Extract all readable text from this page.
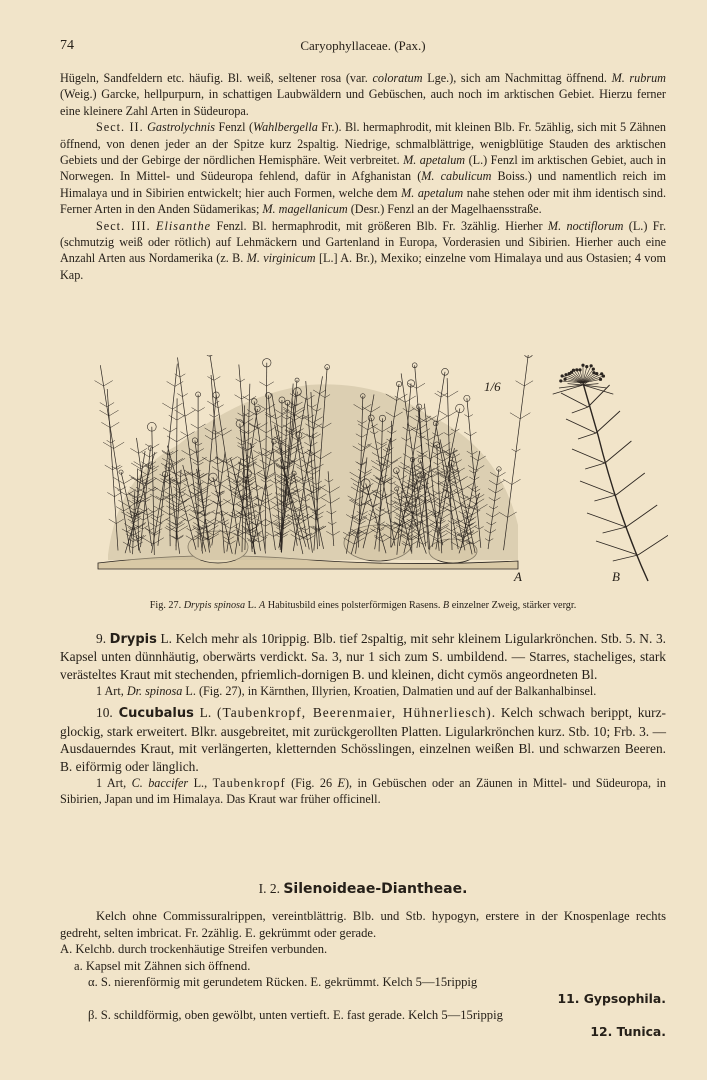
74	Caryophyllaceae. (Pax.)

Hügeln, Sandfeldern etc. häufig. Bl. weiß, seltener rosa (var. coloratum Lge.), sich am Nachmittag öffnend. M. rubrum (Weig.) Garcke, hellpurpurn, in schattigen Laubwäldern und Gebüschen, auch noch im arktischen Gebiet. Hierzu ferner eine kleinere Zahl Arten in Südeuropa.

Sect. II. Gastrolychnis Fenzl (Wahlbergella Fr.). Bl. hermaphrodit, mit kleinen Blb. Fr. 5zählig, sich mit 5 Zähnen öffnend, von denen jeder an der Spitze kurz 2spaltig. Niedrige, schmalblättrige, wenigblütige Stauden des arktischen Gebiets und der Gebirge der nördlichen Hemisphäre. Weit verbreitet. M. apetalum (L.) Fenzl im arktischen Gebiet, auch in Norwegen. In Mittel- und Südeuropa fehlend, dafür in Afghanistan (M. cabulicum Boiss.) und namentlich reich im Himalaya und in Sibirien entwickelt; hier auch Formen, welche dem M. apetalum nahe stehen oder mit ihm identisch sind. Ferner Arten in den Anden Südamerikas; M. magellanicum (Desr.) Fenzl an der Magelhaensstraße.

Sect. III. Elisanthe Fenzl. Bl. hermaphrodit, mit größeren Blb. Fr. 3zählig. Hierher M. noctiflorum (L.) Fr. (schmutzig weiß oder rötlich) auf Lehmäckern und Gartenland in Europa, Vorderasien und Sibirien. Hierher auch eine Anzahl Arten aus Nordamerika (z. B. M. virginicum [L.] A. Br.), Mexiko; einzelne vom Himalaya und aus Ostasien; 4 vom Kap.

1/6
A	B
Fig. 27. Drypis spinosa L. A Habitusbild eines polsterförmigen Rasens. B einzelner Zweig, stärker vergr.

9. Drypis L. Kelch mehr als 10rippig. Blb. tief 2spaltig, mit sehr kleinem Ligularkrönchen. Stb. 5. N. 3. Kapsel unten dünnhäutig, oberwärts verdickt. Sa. 3, nur 1 sich zum S. umbildend. — Starres, stacheliges, stark verästeltes Kraut mit stechenden, pfriemlich-dornigen B. und kleinen, dicht cymös angeordneten Bl.

1 Art, Dr. spinosa L. (Fig. 27), in Kärnthen, Illyrien, Kroatien, Dalmatien und auf der Balkanhalbinsel.

10. Cucubalus L. (Taubenkropf, Beerenmaier, Hühnerliesch). Kelch schwach berippt, kurz-glockig, stark erweitert. Blkr. ausgebreitet, mit zurückgerollten Platten. Ligularkrönchen kurz. Stb. 10; Frb. 3. — Ausdauerndes Kraut, mit verlängerten, kletternden Schösslingen, einzelnen weißen Bl. und schwarzen Beeren. B. eiförmig oder länglich.

1 Art, C. baccifer L., Taubenkropf (Fig. 26 E), in Gebüschen oder an Zäunen in Mittel- und Südeuropa, in Sibirien, Japan und im Himalaya. Das Kraut war früher officinell.

I. 2. Silenoideae-Diantheae.

Kelch ohne Commissuralrippen, vereintblättrig. Blb. und Stb. hypogyn, erstere in der Knospenlage rechts gedreht, selten imbricat. Fr. 2zählig. E. gekrümmt oder gerade.

A. Kelchb. durch trockenhäutige Streifen verbunden.

a. Kapsel mit Zähnen sich öffnend.

α. S. nierenförmig mit gerundetem Rücken. E. gekrümmt. Kelch 5—15rippig

11. Gypsophila.

β. S. schildförmig, oben gewölbt, unten vertieft. E. fast gerade. Kelch 5—15rippig

12. Tunica.
